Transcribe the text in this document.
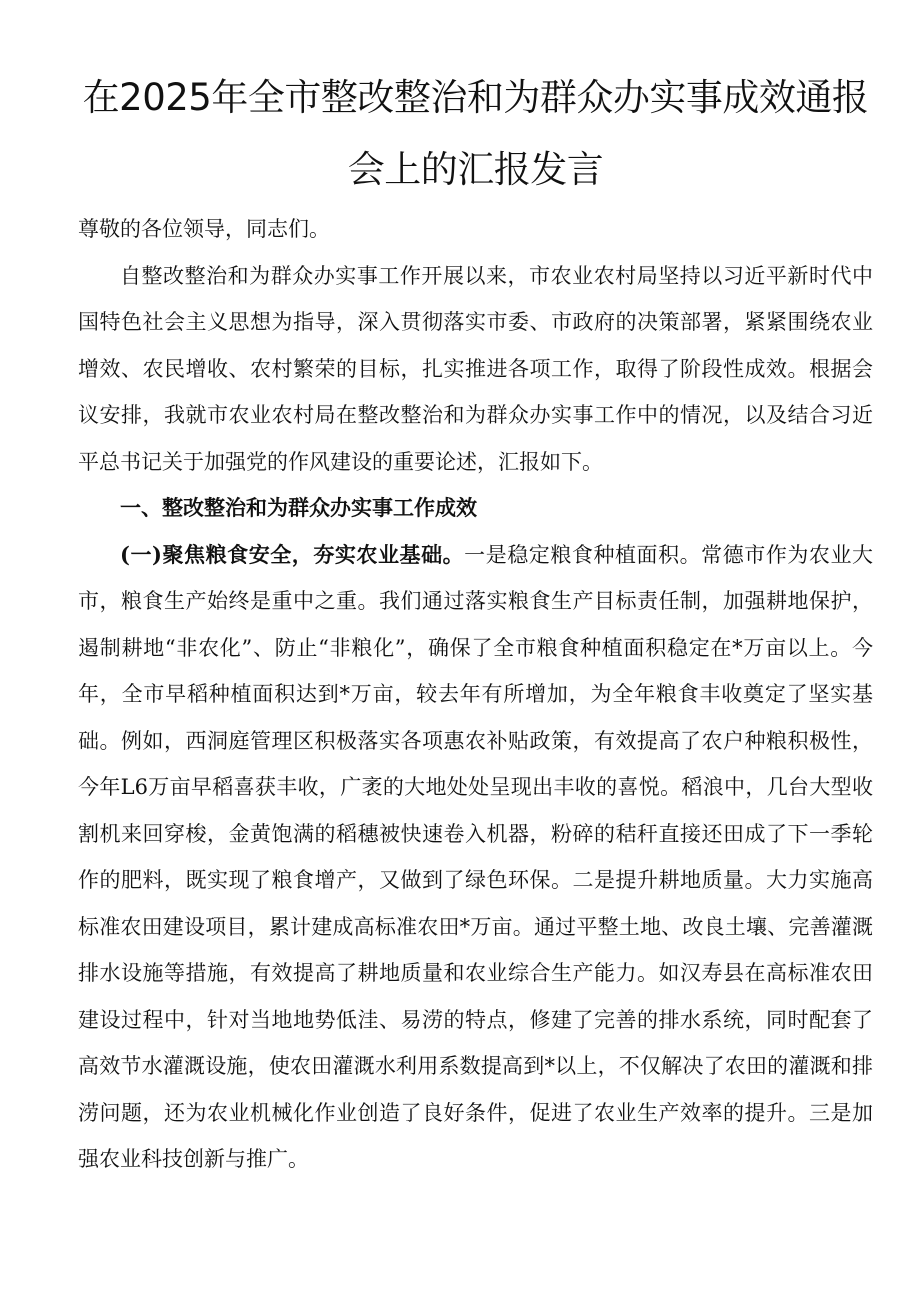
在2025年全市整改整治和为群众办实事成效通报会上的汇报发言

尊敬的各位领导，同志们。

自整改整治和为群众办实事工作开展以来，市农业农村局坚持以习近平新时代中国特色社会主义思想为指导，深入贯彻落实市委、市政府的决策部署，紧紧围绕农业增效、农民增收、农村繁荣的目标，扎实推进各项工作，取得了阶段性成效。根据会议安排，我就市农业农村局在整改整治和为群众办实事工作中的情况，以及结合习近平总书记关于加强党的作风建设的重要论述，汇报如下。

一、整改整治和为群众办实事工作成效

(一)聚焦粮食安全，夯实农业基础。一是稳定粮食种植面积。常德市作为农业大市，粮食生产始终是重中之重。我们通过落实粮食生产目标责任制，加强耕地保护，遏制耕地“非农化”、防止“非粮化”，确保了全市粮食种植面积稳定在*万亩以上。今年，全市早稻种植面积达到*万亩，较去年有所增加，为全年粮食丰收奠定了坚实基础。例如，西洞庭管理区积极落实各项惠农补贴政策，有效提高了农户种粮积极性，今年L6万亩早稻喜获丰收，广袤的大地处处呈现出丰收的喜悦。稻浪中，几台大型收割机来回穿梭，金黄饱满的稻穗被快速卷入机器，粉碎的秸秆直接还田成了下一季轮作的肥料，既实现了粮食增产，又做到了绿色环保。二是提升耕地质量。大力实施高标准农田建设项目，累计建成高标准农田*万亩。通过平整土地、改良土壤、完善灌溉排水设施等措施，有效提高了耕地质量和农业综合生产能力。如汉寿县在高标准农田建设过程中，针对当地地势低洼、易涝的特点，修建了完善的排水系统，同时配套了高效节水灌溉设施，使农田灌溉水利用系数提高到*以上，不仅解决了农田的灌溉和排涝问题，还为农业机械化作业创造了良好条件，促进了农业生产效率的提升。三是加强农业科技创新与推广。
